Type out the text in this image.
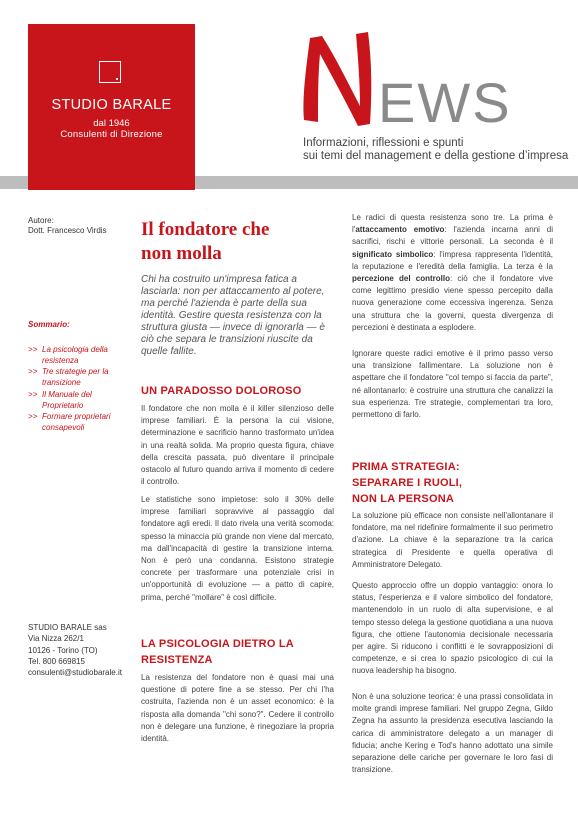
STUDIO BARALE
dal 1946
Consulenti di Direzione
EWS
Informazioni, riflessioni e spunti
sui temi del management e della gestione d’impresa
Autore:
Dott. Francesco Virdis
Sommario:
>> La psicologia della resistenza
>> Tre strategie per la transizione
>> Il Manuale del Proprietario
>> Formare proprietari consapevoli
STUDIO BARALE sas
Via Nizza 262/1
10126 - Torino (TO)
Tel. 800 669815
consulenti@studiobarale.it
Il fondatore che
non molla
Chi ha costruito un'impresa fatica a lasciarla: non per attaccamento al potere, ma perché l'azienda è parte della sua identità. Gestire questa resistenza con la struttura giusta — invece di ignorarla — è ciò che separa le transizioni riuscite da quelle fallite.
UN PARADOSSO DOLOROSO
Il fondatore che non molla è il killer silenzioso delle imprese familiari. È la persona la cui visione, determinazione e sacrificio hanno trasformato un'idea in una realtà solida. Ma proprio questa figura, chiave della crescita passata, può diventare il principale ostacolo al futuro quando arriva il momento di cedere il controllo.
Le statistiche sono impietose: solo il 30% delle imprese familiari sopravvive al passaggio dal fondatore agli eredi. Il dato rivela una verità scomoda: spesso la minaccia più grande non viene dal mercato, ma dall'incapacità di gestire la transizione interna. Non è però una condanna. Esistono strategie concrete per trasformare una potenziale crisi in un'opportunità di evoluzione — a patto di capire, prima, perché "mollare" è così difficile.
LA PSICOLOGIA DIETRO LA
RESISTENZA
La resistenza del fondatore non è quasi mai una questione di potere fine a se stesso. Per chi l'ha costruita, l'azienda non è un asset economico: è la risposta alla domanda "chi sono?". Cedere il controllo non è delegare una funzione, è rinegoziare la propria identità.
Le radici di questa resistenza sono tre. La prima è l'attaccamento emotivo: l'azienda incarna anni di sacrifici, rischi e vittorie personali. La seconda è il significato simbolico: l'impresa rappresenta l'identità, la reputazione e l'eredità della famiglia. La terza è la percezione del controllo: ciò che il fondatore vive come legittimo presidio viene spesso percepito dalla nuova generazione come eccessiva ingerenza. Senza una struttura che la governi, questa divergenza di percezioni è destinata a esplodere.
Ignorare queste radici emotive è il primo passo verso una transizione fallimentare. La soluzione non è aspettare che il fondatore "col tempo si faccia da parte", né allontanarlo: è costruire una struttura che canalizzi la sua esperienza. Tre strategie, complementari tra loro, permettono di farlo.
PRIMA STRATEGIA:
SEPARARE I RUOLI,
NON LA PERSONA
La soluzione più efficace non consiste nell'allontanare il fondatore, ma nel ridefinire formalmente il suo perimetro d'azione. La chiave è la separazione tra la carica strategica di Presidente e quella operativa di Amministratore Delegato.
Questo approccio offre un doppio vantaggio: onora lo status, l'esperienza e il valore simbolico del fondatore, mantenendolo in un ruolo di alta supervisione, e al tempo stesso delega la gestione quotidiana a una nuova figura, che ottiene l'autonomia decisionale necessaria per agire. Si riducono i conflitti e le sovrapposizioni di competenze, e si crea lo spazio psicologico di cui la nuova leadership ha bisogno.
Non è una soluzione teorica: è una prassi consolidata in molte grandi imprese familiari. Nel gruppo Zegna, Gildo Zegna ha assunto la presidenza esecutiva lasciando la carica di amministratore delegato a un manager di fiducia; anche Kering e Tod's hanno adottato una simile separazione delle cariche per governare le loro fasi di transizione.
